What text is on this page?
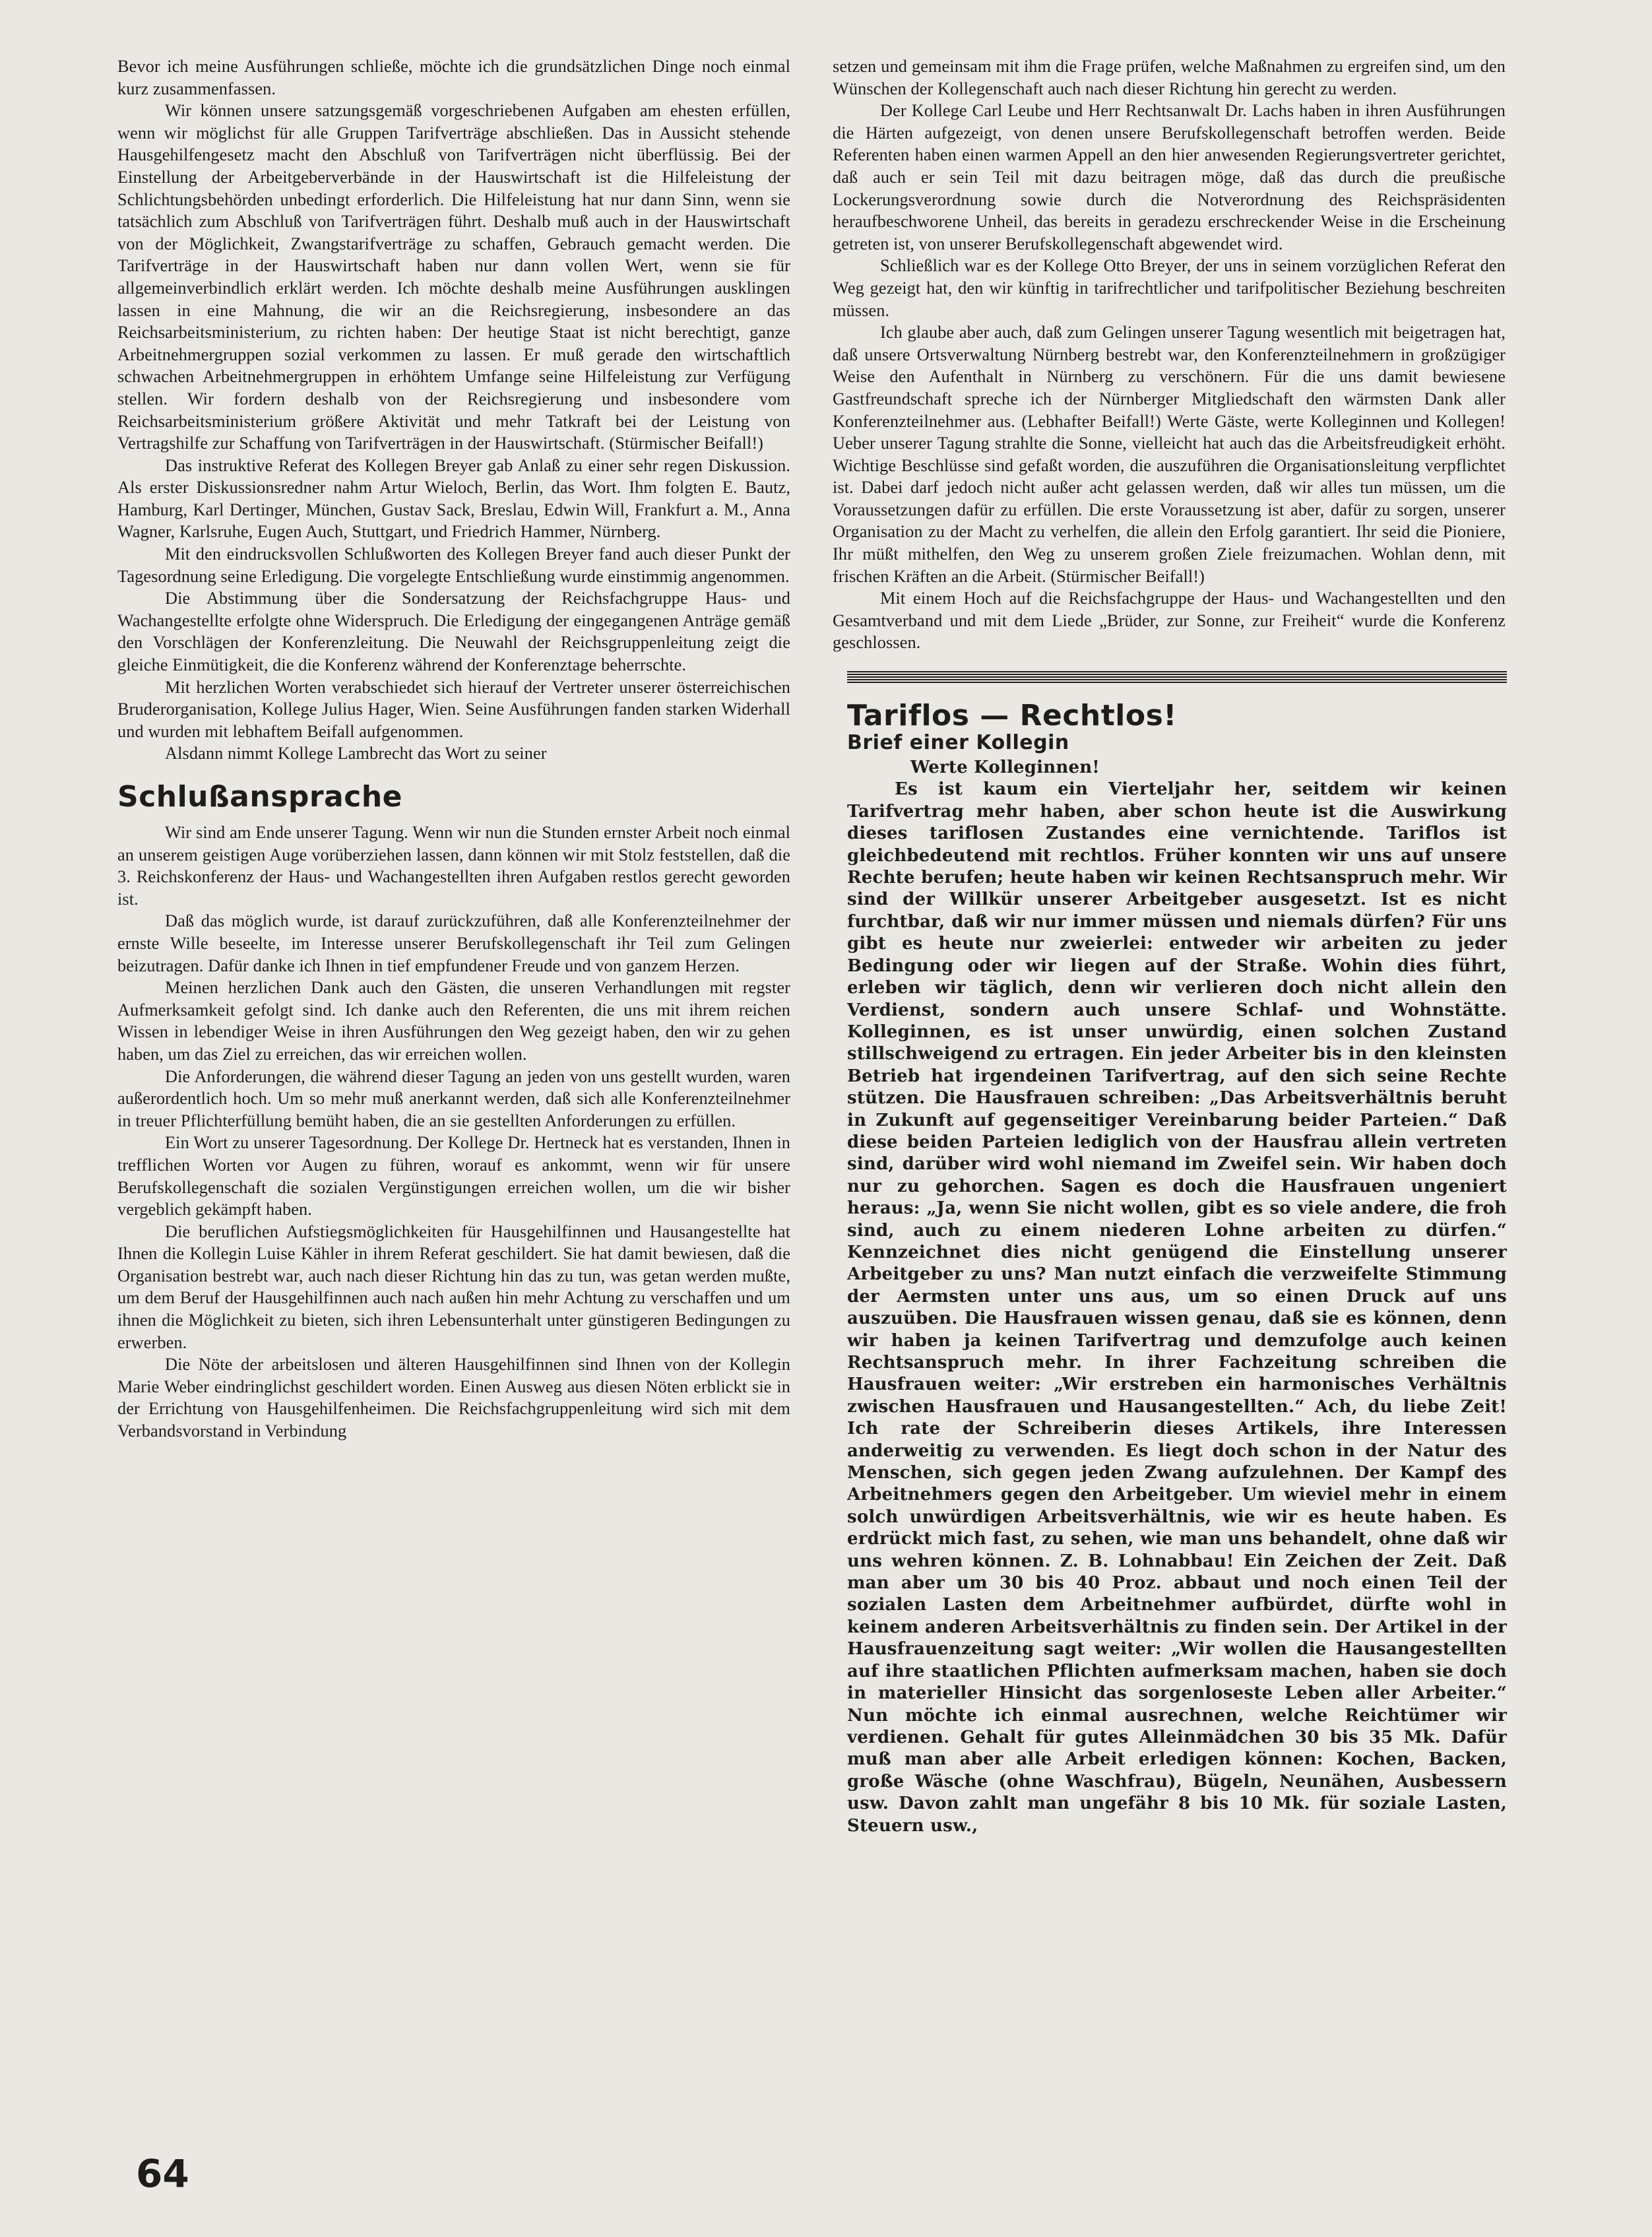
Bevor ich meine Ausführungen schließe, möchte ich die grundsätzlichen Dinge noch einmal kurz zusammenfassen.

Wir können unsere satzungsgemäß vorgeschriebenen Aufgaben am ehesten erfüllen, wenn wir möglichst für alle Gruppen Tarifverträge abschließen. Das in Aussicht stehende Hausgehilfengesetz macht den Abschluß von Tarifverträgen nicht überflüssig. Bei der Einstellung der Arbeitgeberverbände in der Hauswirtschaft ist die Hilfeleistung der Schlichtungsbehörden unbedingt erforderlich. Die Hilfeleistung hat nur dann Sinn, wenn sie tatsächlich zum Abschluß von Tarifverträgen führt. Deshalb muß auch in der Hauswirtschaft von der Möglichkeit, Zwangstarifverträge zu schaffen, Gebrauch gemacht werden. Die Tarifverträge in der Hauswirtschaft haben nur dann vollen Wert, wenn sie für allgemeinverbindlich erklärt werden. Ich möchte deshalb meine Ausführungen ausklingen lassen in eine Mahnung, die wir an die Reichsregierung, insbesondere an das Reichsarbeitsministerium, zu richten haben: Der heutige Staat ist nicht berechtigt, ganze Arbeitnehmergruppen sozial verkommen zu lassen. Er muß gerade den wirtschaftlich schwachen Arbeitnehmergruppen in erhöhtem Umfange seine Hilfeleistung zur Verfügung stellen. Wir fordern deshalb von der Reichsregierung und insbesondere vom Reichsarbeitsministerium größere Aktivität und mehr Tatkraft bei der Leistung von Vertragshilfe zur Schaffung von Tarifverträgen in der Hauswirtschaft. (Stürmischer Beifall!)

Das instruktive Referat des Kollegen Breyer gab Anlaß zu einer sehr regen Diskussion. Als erster Diskussionsredner nahm Artur Wieloch, Berlin, das Wort. Ihm folgten E. Bautz, Hamburg, Karl Dertinger, München, Gustav Sack, Breslau, Edwin Will, Frankfurt a. M., Anna Wagner, Karlsruhe, Eugen Auch, Stuttgart, und Friedrich Hammer, Nürnberg.

Mit den eindrucksvollen Schlußworten des Kollegen Breyer fand auch dieser Punkt der Tagesordnung seine Erledigung. Die vorgelegte Entschließung wurde einstimmig angenommen.

Die Abstimmung über die Sondersatzung der Reichsfachgruppe Haus- und Wachangestellte erfolgte ohne Widerspruch. Die Erledigung der eingegangenen Anträge gemäß den Vorschlägen der Konferenzleitung. Die Neuwahl der Reichsgruppenleitung zeigt die gleiche Einmütigkeit, die die Konferenz während der Konferenztage beherrschte.

Mit herzlichen Worten verabschiedet sich hierauf der Vertreter unserer österreichischen Bruderorganisation, Kollege Julius Hager, Wien. Seine Ausführungen fanden starken Widerhall und wurden mit lebhaftem Beifall aufgenommen.

Alsdann nimmt Kollege Lambrecht das Wort zu seiner

Schlußansprache

Wir sind am Ende unserer Tagung. Wenn wir nun die Stunden ernster Arbeit noch einmal an unserem geistigen Auge vorüberziehen lassen, dann können wir mit Stolz feststellen, daß die 3. Reichskonferenz der Haus- und Wachangestellten ihren Aufgaben restlos gerecht geworden ist.

Daß das möglich wurde, ist darauf zurückzuführen, daß alle Konferenzteilnehmer der ernste Wille beseelte, im Interesse unserer Berufskollegenschaft ihr Teil zum Gelingen beizutragen. Dafür danke ich Ihnen in tief empfundener Freude und von ganzem Herzen.

Meinen herzlichen Dank auch den Gästen, die unseren Verhandlungen mit regster Aufmerksamkeit gefolgt sind. Ich danke auch den Referenten, die uns mit ihrem reichen Wissen in lebendiger Weise in ihren Ausführungen den Weg gezeigt haben, den wir zu gehen haben, um das Ziel zu erreichen, das wir erreichen wollen.

Die Anforderungen, die während dieser Tagung an jeden von uns gestellt wurden, waren außerordentlich hoch. Um so mehr muß anerkannt werden, daß sich alle Konferenzteilnehmer in treuer Pflichterfüllung bemüht haben, die an sie gestellten Anforderungen zu erfüllen.

Ein Wort zu unserer Tagesordnung. Der Kollege Dr. Hertneck hat es verstanden, Ihnen in trefflichen Worten vor Augen zu führen, worauf es ankommt, wenn wir für unsere Berufskollegenschaft die sozialen Vergünstigungen erreichen wollen, um die wir bisher vergeblich gekämpft haben.

Die beruflichen Aufstiegsmöglichkeiten für Hausgehilfinnen und Hausangestellte hat Ihnen die Kollegin Luise Kähler in ihrem Referat geschildert. Sie hat damit bewiesen, daß die Organisation bestrebt war, auch nach dieser Richtung hin das zu tun, was getan werden mußte, um dem Beruf der Hausgehilfinnen auch nach außen hin mehr Achtung zu verschaffen und um ihnen die Möglichkeit zu bieten, sich ihren Lebensunterhalt unter günstigeren Bedingungen zu erwerben.

Die Nöte der arbeitslosen und älteren Hausgehilfinnen sind Ihnen von der Kollegin Marie Weber eindringlichst geschildert worden. Einen Ausweg aus diesen Nöten erblickt sie in der Errichtung von Hausgehilfenheimen. Die Reichsfachgruppenleitung wird sich mit dem Verbandsvorstand in Verbindung

setzen und gemeinsam mit ihm die Frage prüfen, welche Maßnahmen zu ergreifen sind, um den Wünschen der Kollegenschaft auch nach dieser Richtung hin gerecht zu werden.

Der Kollege Carl Leube und Herr Rechtsanwalt Dr. Lachs haben in ihren Ausführungen die Härten aufgezeigt, von denen unsere Berufskollegenschaft betroffen werden. Beide Referenten haben einen warmen Appell an den hier anwesenden Regierungsvertreter gerichtet, daß auch er sein Teil mit dazu beitragen möge, daß das durch die preußische Lockerungsverordnung sowie durch die Notverordnung des Reichspräsidenten heraufbeschworene Unheil, das bereits in geradezu erschreckender Weise in die Erscheinung getreten ist, von unserer Berufskollegenschaft abgewendet wird.

Schließlich war es der Kollege Otto Breyer, der uns in seinem vorzüglichen Referat den Weg gezeigt hat, den wir künftig in tarifrechtlicher und tarifpolitischer Beziehung beschreiten müssen.

Ich glaube aber auch, daß zum Gelingen unserer Tagung wesentlich mit beigetragen hat, daß unsere Ortsverwaltung Nürnberg bestrebt war, den Konferenzteilnehmern in großzügiger Weise den Aufenthalt in Nürnberg zu verschönern. Für die uns damit bewiesene Gastfreundschaft spreche ich der Nürnberger Mitgliedschaft den wärmsten Dank aller Konferenzteilnehmer aus. (Lebhafter Beifall!) Werte Gäste, werte Kolleginnen und Kollegen! Ueber unserer Tagung strahlte die Sonne, vielleicht hat auch das die Arbeitsfreudigkeit erhöht. Wichtige Beschlüsse sind gefaßt worden, die auszuführen die Organisationsleitung verpflichtet ist. Dabei darf jedoch nicht außer acht gelassen werden, daß wir alles tun müssen, um die Voraussetzungen dafür zu erfüllen. Die erste Voraussetzung ist aber, dafür zu sorgen, unserer Organisation zu der Macht zu verhelfen, die allein den Erfolg garantiert. Ihr seid die Pioniere, Ihr müßt mithelfen, den Weg zu unserem großen Ziele freizumachen. Wohlan denn, mit frischen Kräften an die Arbeit. (Stürmischer Beifall!)

Mit einem Hoch auf die Reichsfachgruppe der Haus- und Wachangestellten und den Gesamtverband und mit dem Liede „Brüder, zur Sonne, zur Freiheit“ wurde die Konferenz geschlossen.

Tariflos — Rechtlos!
Brief einer Kollegin

Werte Kolleginnen!

Es ist kaum ein Vierteljahr her, seitdem wir keinen Tarifvertrag mehr haben, aber schon heute ist die Auswirkung dieses tariflosen Zustandes eine vernichtende. Tariflos ist gleichbedeutend mit rechtlos. Früher konnten wir uns auf unsere Rechte berufen; heute haben wir keinen Rechtsanspruch mehr. Wir sind der Willkür unserer Arbeitgeber ausgesetzt. Ist es nicht furchtbar, daß wir nur immer müssen und niemals dürfen? Für uns gibt es heute nur zweierlei: entweder wir arbeiten zu jeder Bedingung oder wir liegen auf der Straße. Wohin dies führt, erleben wir täglich, denn wir verlieren doch nicht allein den Verdienst, sondern auch unsere Schlaf- und Wohnstätte. Kolleginnen, es ist unser unwürdig, einen solchen Zustand stillschweigend zu ertragen. Ein jeder Arbeiter bis in den kleinsten Betrieb hat irgendeinen Tarifvertrag, auf den sich seine Rechte stützen. Die Hausfrauen schreiben: „Das Arbeitsverhältnis beruht in Zukunft auf gegenseitiger Vereinbarung beider Parteien.“ Daß diese beiden Parteien lediglich von der Hausfrau allein vertreten sind, darüber wird wohl niemand im Zweifel sein. Wir haben doch nur zu gehorchen. Sagen es doch die Hausfrauen ungeniert heraus: „Ja, wenn Sie nicht wollen, gibt es so viele andere, die froh sind, auch zu einem niederen Lohne arbeiten zu dürfen.“ Kennzeichnet dies nicht genügend die Einstellung unserer Arbeitgeber zu uns? Man nutzt einfach die verzweifelte Stimmung der Aermsten unter uns aus, um so einen Druck auf uns auszuüben. Die Hausfrauen wissen genau, daß sie es können, denn wir haben ja keinen Tarifvertrag und demzufolge auch keinen Rechtsanspruch mehr. In ihrer Fachzeitung schreiben die Hausfrauen weiter: „Wir erstreben ein harmonisches Verhältnis zwischen Hausfrauen und Hausangestellten.“ Ach, du liebe Zeit! Ich rate der Schreiberin dieses Artikels, ihre Interessen anderweitig zu verwenden. Es liegt doch schon in der Natur des Menschen, sich gegen jeden Zwang aufzulehnen. Der Kampf des Arbeitnehmers gegen den Arbeitgeber. Um wieviel mehr in einem solch unwürdigen Arbeitsverhältnis, wie wir es heute haben. Es erdrückt mich fast, zu sehen, wie man uns behandelt, ohne daß wir uns wehren können. Z. B. Lohnabbau! Ein Zeichen der Zeit. Daß man aber um 30 bis 40 Proz. abbaut und noch einen Teil der sozialen Lasten dem Arbeitnehmer aufbürdet, dürfte wohl in keinem anderen Arbeitsverhältnis zu finden sein. Der Artikel in der Hausfrauenzeitung sagt weiter: „Wir wollen die Hausangestellten auf ihre staatlichen Pflichten aufmerksam machen, haben sie doch in materieller Hinsicht das sorgenloseste Leben aller Arbeiter.“ Nun möchte ich einmal ausrechnen, welche Reichtümer wir verdienen. Gehalt für gutes Alleinmädchen 30 bis 35 Mk. Dafür muß man aber alle Arbeit erledigen können: Kochen, Backen, große Wäsche (ohne Waschfrau), Bügeln, Neunähen, Ausbessern usw. Davon zahlt man ungefähr 8 bis 10 Mk. für soziale Lasten, Steuern usw.,

64
